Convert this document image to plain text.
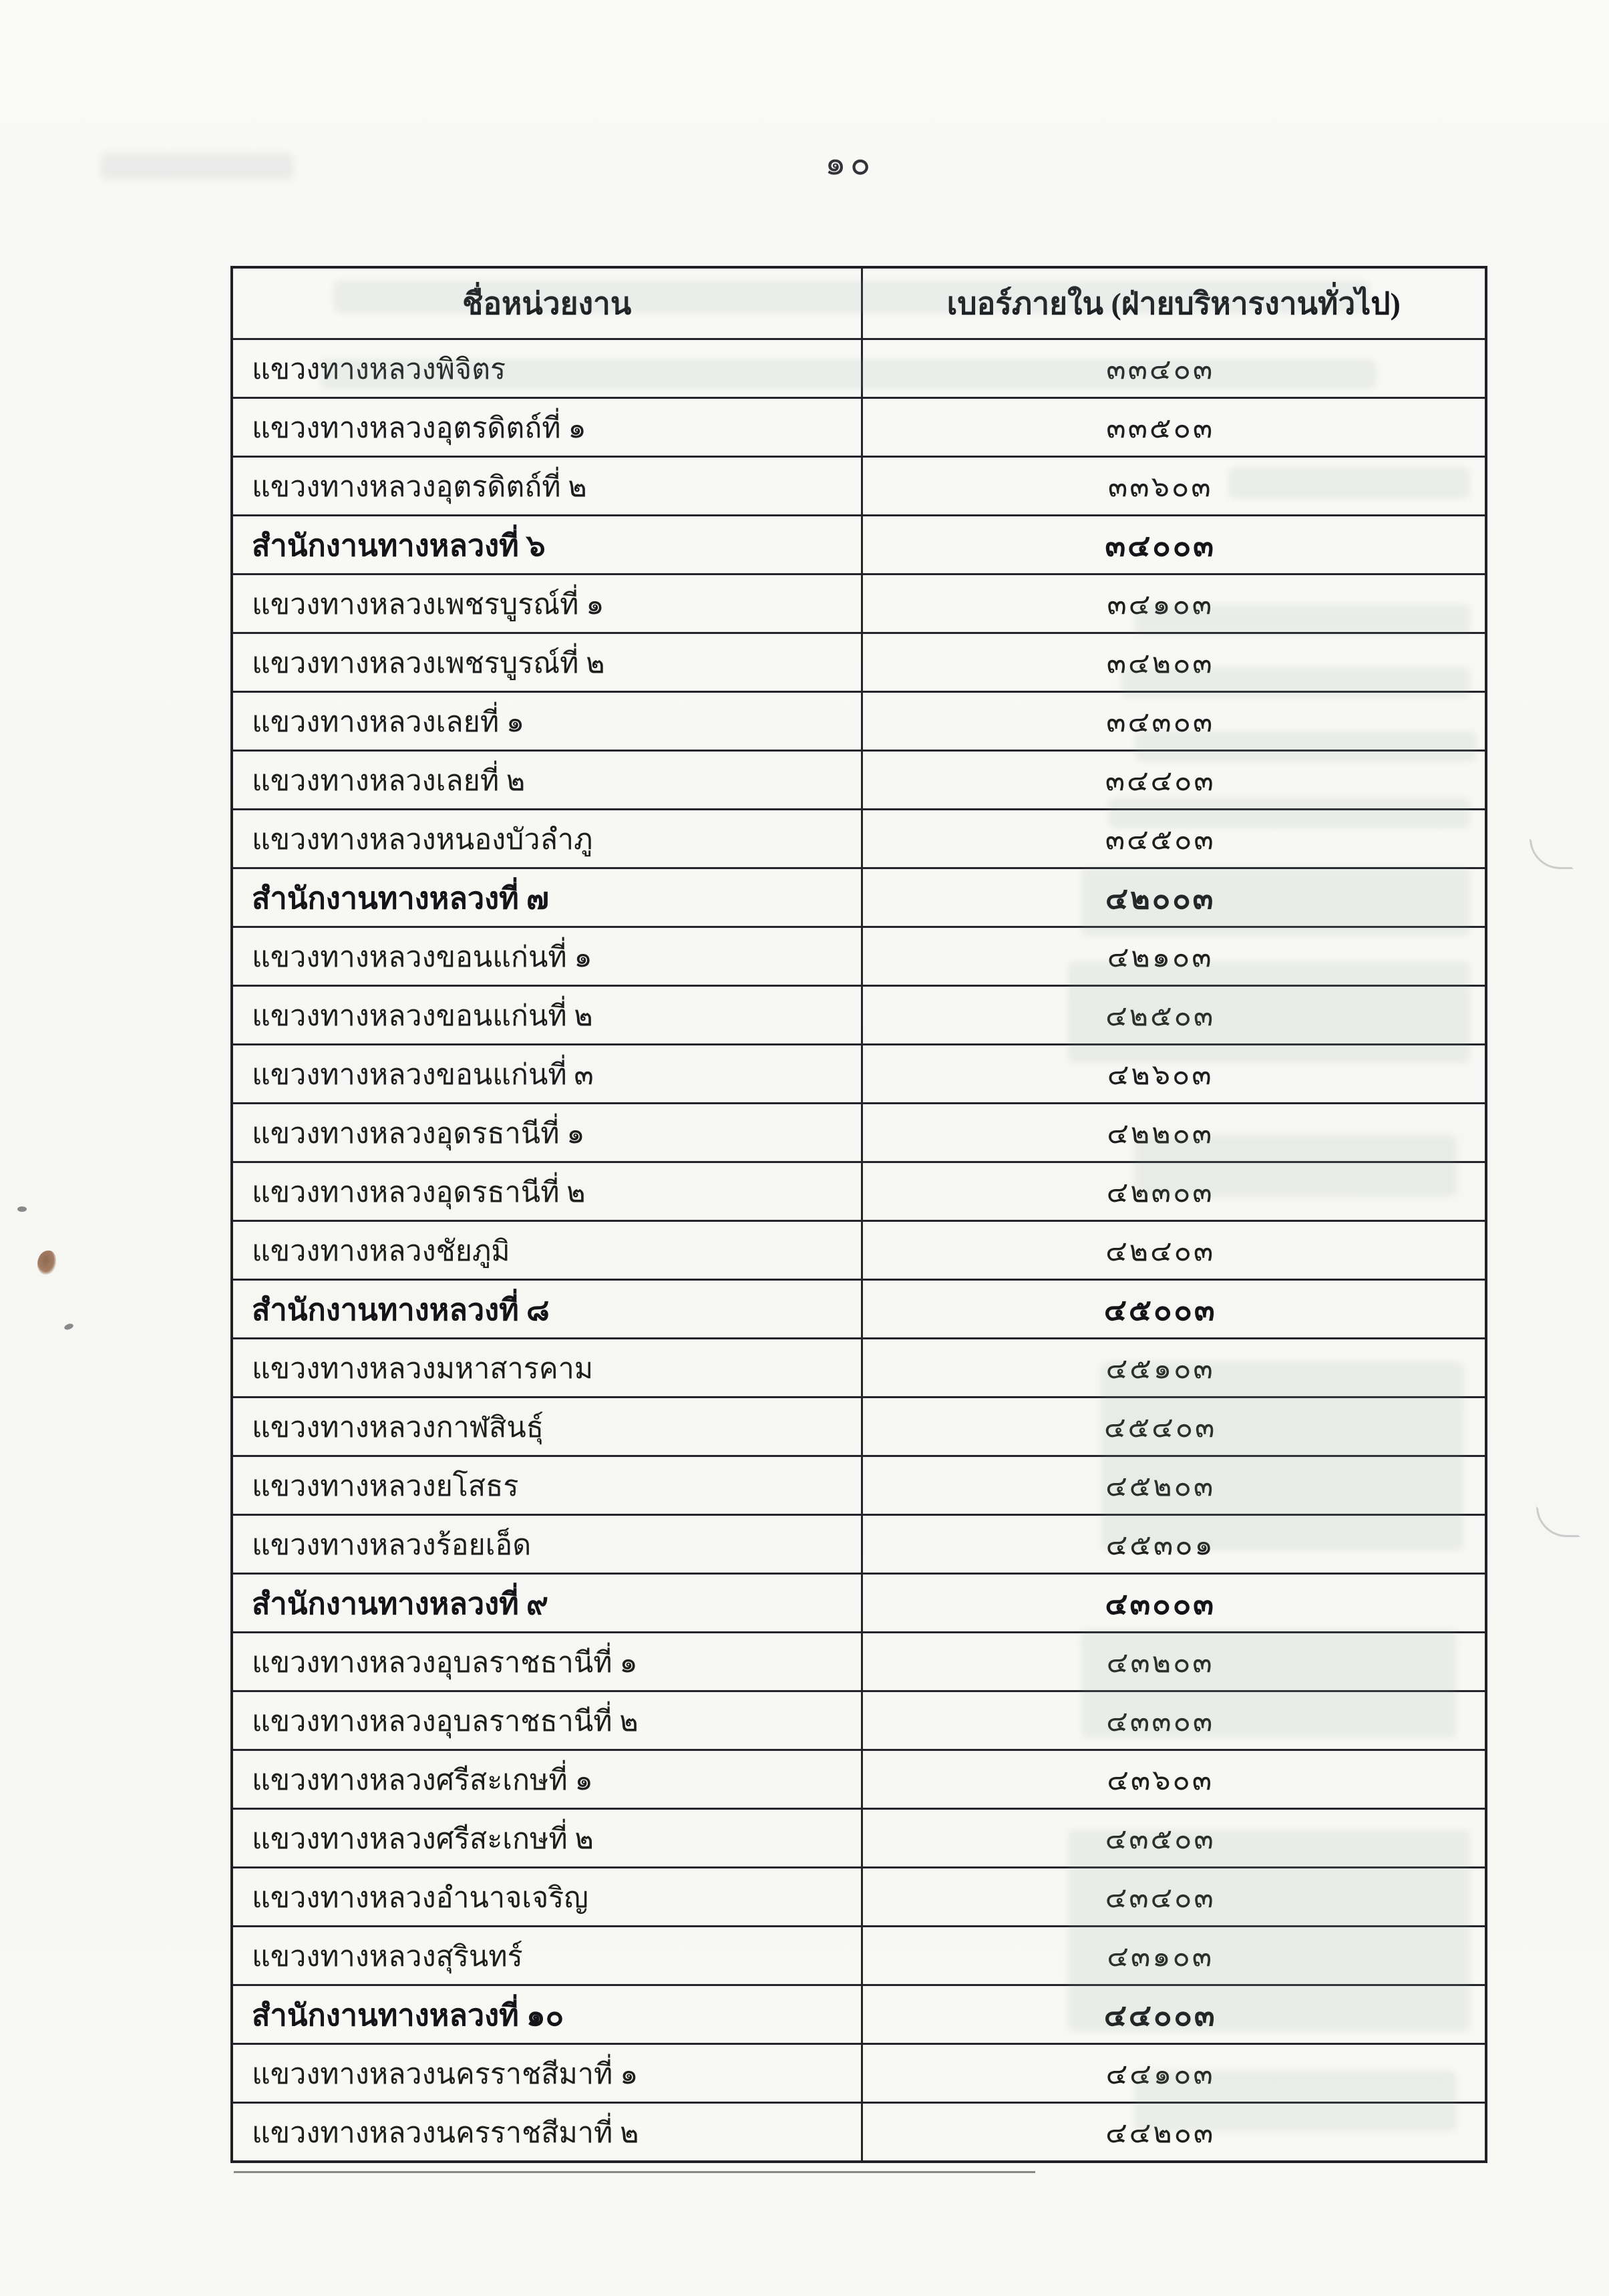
๑๐
ชื่อหน่วยงาน	เบอร์ภายใน (ฝ่ายบริหารงานทั่วไป)
แขวงทางหลวงพิจิตร	๓๓๔๐๓
แขวงทางหลวงอุตรดิตถ์ที่ ๑	๓๓๕๐๓
แขวงทางหลวงอุตรดิตถ์ที่ ๒	๓๓๖๐๓
สำนักงานทางหลวงที่ ๖	๓๔๐๐๓
แขวงทางหลวงเพชรบูรณ์ที่ ๑	๓๔๑๐๓
แขวงทางหลวงเพชรบูรณ์ที่ ๒	๓๔๒๐๓
แขวงทางหลวงเลยที่ ๑	๓๔๓๐๓
แขวงทางหลวงเลยที่ ๒	๓๔๔๐๓
แขวงทางหลวงหนองบัวลำภู	๓๔๕๐๓
สำนักงานทางหลวงที่ ๗	๔๒๐๐๓
แขวงทางหลวงขอนแก่นที่ ๑	๔๒๑๐๓
แขวงทางหลวงขอนแก่นที่ ๒	๔๒๕๐๓
แขวงทางหลวงขอนแก่นที่ ๓	๔๒๖๐๓
แขวงทางหลวงอุดรธานีที่ ๑	๔๒๒๐๓
แขวงทางหลวงอุดรธานีที่ ๒	๔๒๓๐๓
แขวงทางหลวงชัยภูมิ	๔๒๔๐๓
สำนักงานทางหลวงที่ ๘	๔๕๐๐๓
แขวงทางหลวงมหาสารคาม	๔๕๑๐๓
แขวงทางหลวงกาฬสินธุ์	๔๕๔๐๓
แขวงทางหลวงยโสธร	๔๕๒๐๓
แขวงทางหลวงร้อยเอ็ด	๔๕๓๐๑
สำนักงานทางหลวงที่ ๙	๔๓๐๐๓
แขวงทางหลวงอุบลราชธานีที่ ๑	๔๓๒๐๓
แขวงทางหลวงอุบลราชธานีที่ ๒	๔๓๓๐๓
แขวงทางหลวงศรีสะเกษที่ ๑	๔๓๖๐๓
แขวงทางหลวงศรีสะเกษที่ ๒	๔๓๕๐๓
แขวงทางหลวงอำนาจเจริญ	๔๓๔๐๓
แขวงทางหลวงสุรินทร์	๔๓๑๐๓
สำนักงานทางหลวงที่ ๑๐	๔๔๐๐๓
แขวงทางหลวงนครราชสีมาที่ ๑	๔๔๑๐๓
แขวงทางหลวงนครราชสีมาที่ ๒	๔๔๒๐๓
